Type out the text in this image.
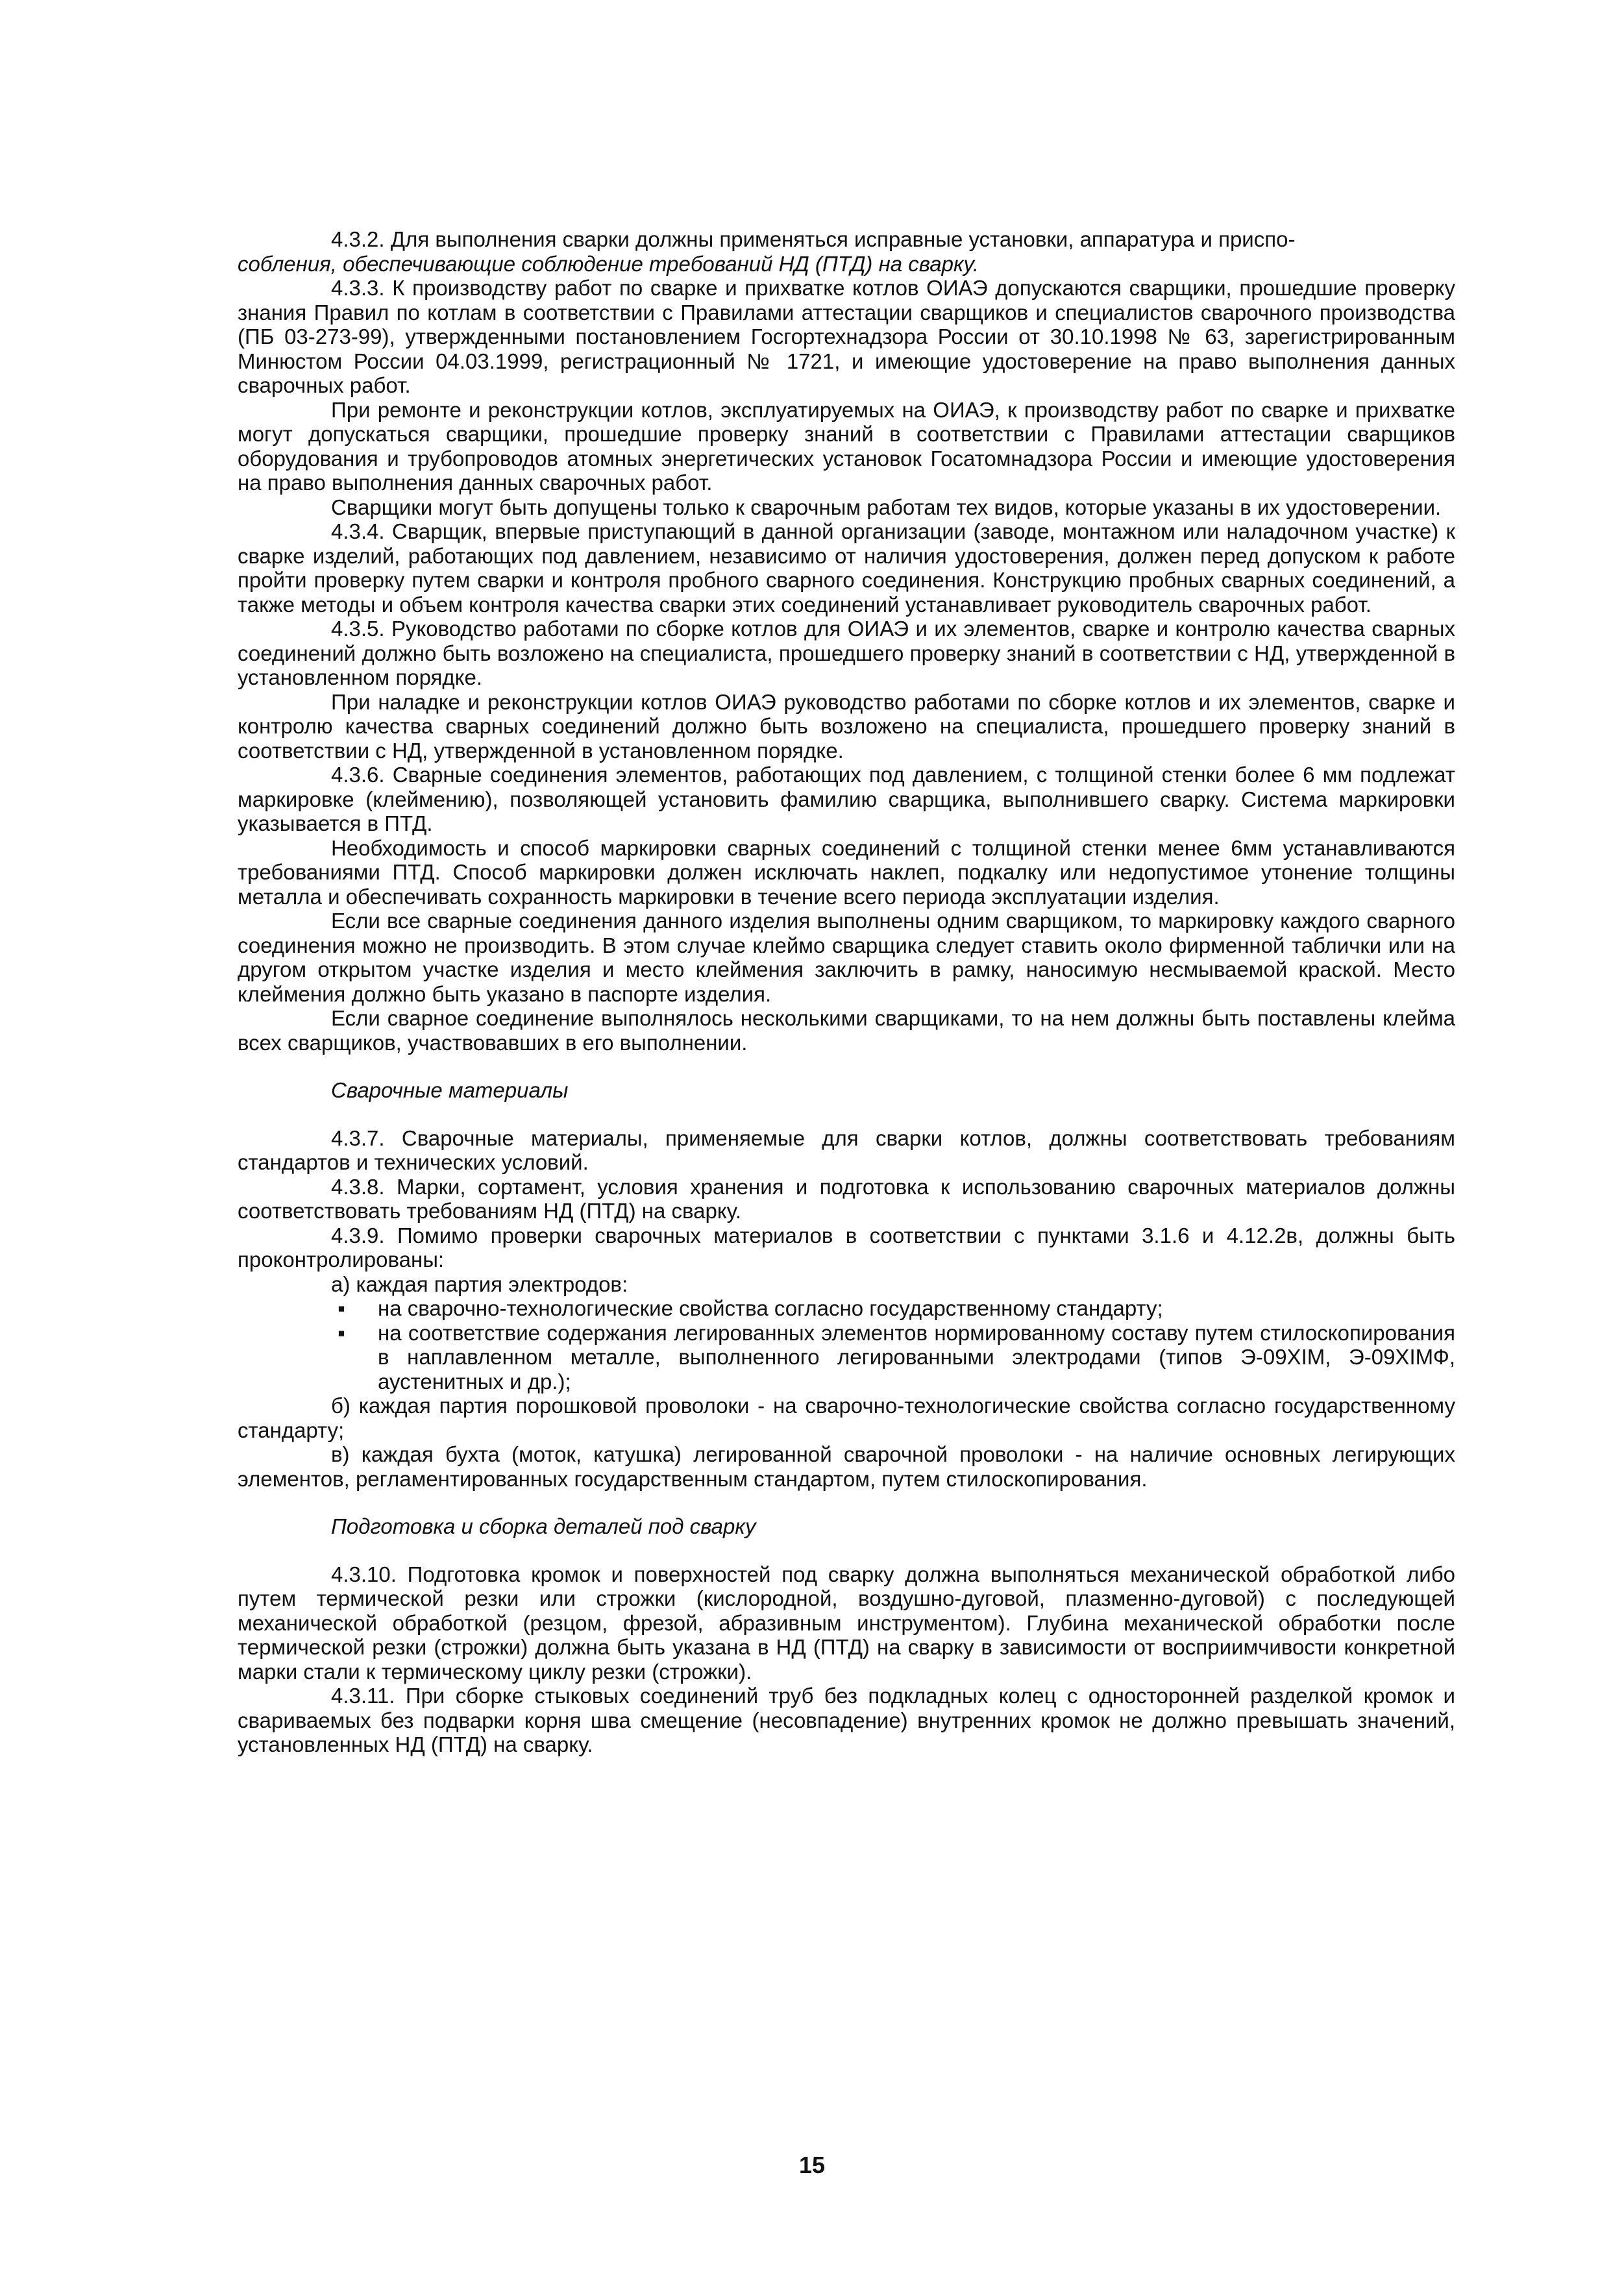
4.3.2. Для выполнения сварки должны применяться исправные установки, аппаратура и приспо-

собления, обеспечивающие соблюдение требований НД (ПТД) на сварку.

4.3.3. К производству работ по сварке и прихватке котлов ОИАЭ допускаются сварщики, прошедшие проверку знания Правил по котлам в соответствии с Правилами аттестации сварщиков и специалистов сварочного производства (ПБ 03-273-99), утвержденными постановлением Госгортехнадзора России от 30.10.1998 № 63, зарегистрированным Минюстом России 04.03.1999, регистрационный № 1721, и имеющие удостоверение на право выполнения данных сварочных работ.

При ремонте и реконструкции котлов, эксплуатируемых на ОИАЭ, к производству работ по сварке и прихватке могут допускаться сварщики, прошедшие проверку знаний в соответствии с Правилами аттестации сварщиков оборудования и трубопроводов атомных энергетических установок Госатомнадзора России и имеющие удостоверения на право выполнения данных сварочных работ.

Сварщики могут быть допущены только к сварочным работам тех видов, которые указаны в их удостоверении.

4.3.4. Сварщик, впервые приступающий в данной организации (заводе, монтажном или наладочном участке) к сварке изделий, работающих под давлением, независимо от наличия удостоверения, должен перед допуском к работе пройти проверку путем сварки и контроля пробного сварного соединения. Конструкцию пробных сварных соединений, а также методы и объем контроля качества сварки этих соединений устанавливает руководитель сварочных работ.

4.3.5. Руководство работами по сборке котлов для ОИАЭ и их элементов, сварке и контролю качества сварных соединений должно быть возложено на специалиста, прошедшего проверку знаний в соответствии с НД, утвержденной в установленном порядке.

При наладке и реконструкции котлов ОИАЭ руководство работами по сборке котлов и их элементов, сварке и контролю качества сварных соединений должно быть возложено на специалиста, прошедшего проверку знаний в соответствии с НД, утвержденной в установленном порядке.

4.3.6. Сварные соединения элементов, работающих под давлением, с толщиной стенки более 6 мм подлежат маркировке (клеймению), позволяющей установить фамилию сварщика, выполнившего сварку. Система маркировки указывается в ПТД.

Необходимость и способ маркировки сварных соединений с толщиной стенки менее 6мм устанавливаются требованиями ПТД. Способ маркировки должен исключать наклеп, подкалку или недопустимое утонение толщины металла и обеспечивать сохранность маркировки в течение всего периода эксплуатации изделия.

Если все сварные соединения данного изделия выполнены одним сварщиком, то маркировку каждого сварного соединения можно не производить. В этом случае клеймо сварщика следует ставить около фирменной таблички или на другом открытом участке изделия и место клеймения заключить в рамку, наносимую несмываемой краской. Место клеймения должно быть указано в паспорте изделия.

Если сварное соединение выполнялось несколькими сварщиками, то на нем должны быть поставлены клейма всех сварщиков, участвовавших в его выполнении.

Сварочные материалы

4.3.7. Сварочные материалы, применяемые для сварки котлов, должны соответствовать требованиям стандартов и технических условий.

4.3.8. Марки, сортамент, условия хранения и подготовка к использованию сварочных материалов должны соответствовать требованиям НД (ПТД) на сварку.

4.3.9. Помимо проверки сварочных материалов в соответствии с пунктами 3.1.6 и 4.12.2в, должны быть проконтролированы:

а) каждая партия электродов:

▪ на сварочно-технологические свойства согласно государственному стандарту;
▪ на соответствие содержания легированных элементов нормированному составу путем стилоскопирования в наплавленном металле, выполненного легированными электродами (типов Э-09ХIМ, Э-09ХIМФ, аустенитных и др.);

б) каждая партия порошковой проволоки - на сварочно-технологические свойства согласно государственному стандарту;

в) каждая бухта (моток, катушка) легированной сварочной проволоки - на наличие основных легирующих элементов, регламентированных государственным стандартом, путем стилоскопирования.

Подготовка и сборка деталей под сварку

4.3.10. Подготовка кромок и поверхностей под сварку должна выполняться механической обработкой либо путем термической резки или строжки (кислородной, воздушно-дуговой, плазменно-дуговой) с последующей механической обработкой (резцом, фрезой, абразивным инструментом). Глубина механической обработки после термической резки (строжки) должна быть указана в НД (ПТД) на сварку в зависимости от восприимчивости конкретной марки стали к термическому циклу резки (строжки).

4.3.11. При сборке стыковых соединений труб без подкладных колец с односторонней разделкой кромок и свариваемых без подварки корня шва смещение (несовпадение) внутренних кромок не должно превышать значений, установленных НД (ПТД) на сварку.

15
